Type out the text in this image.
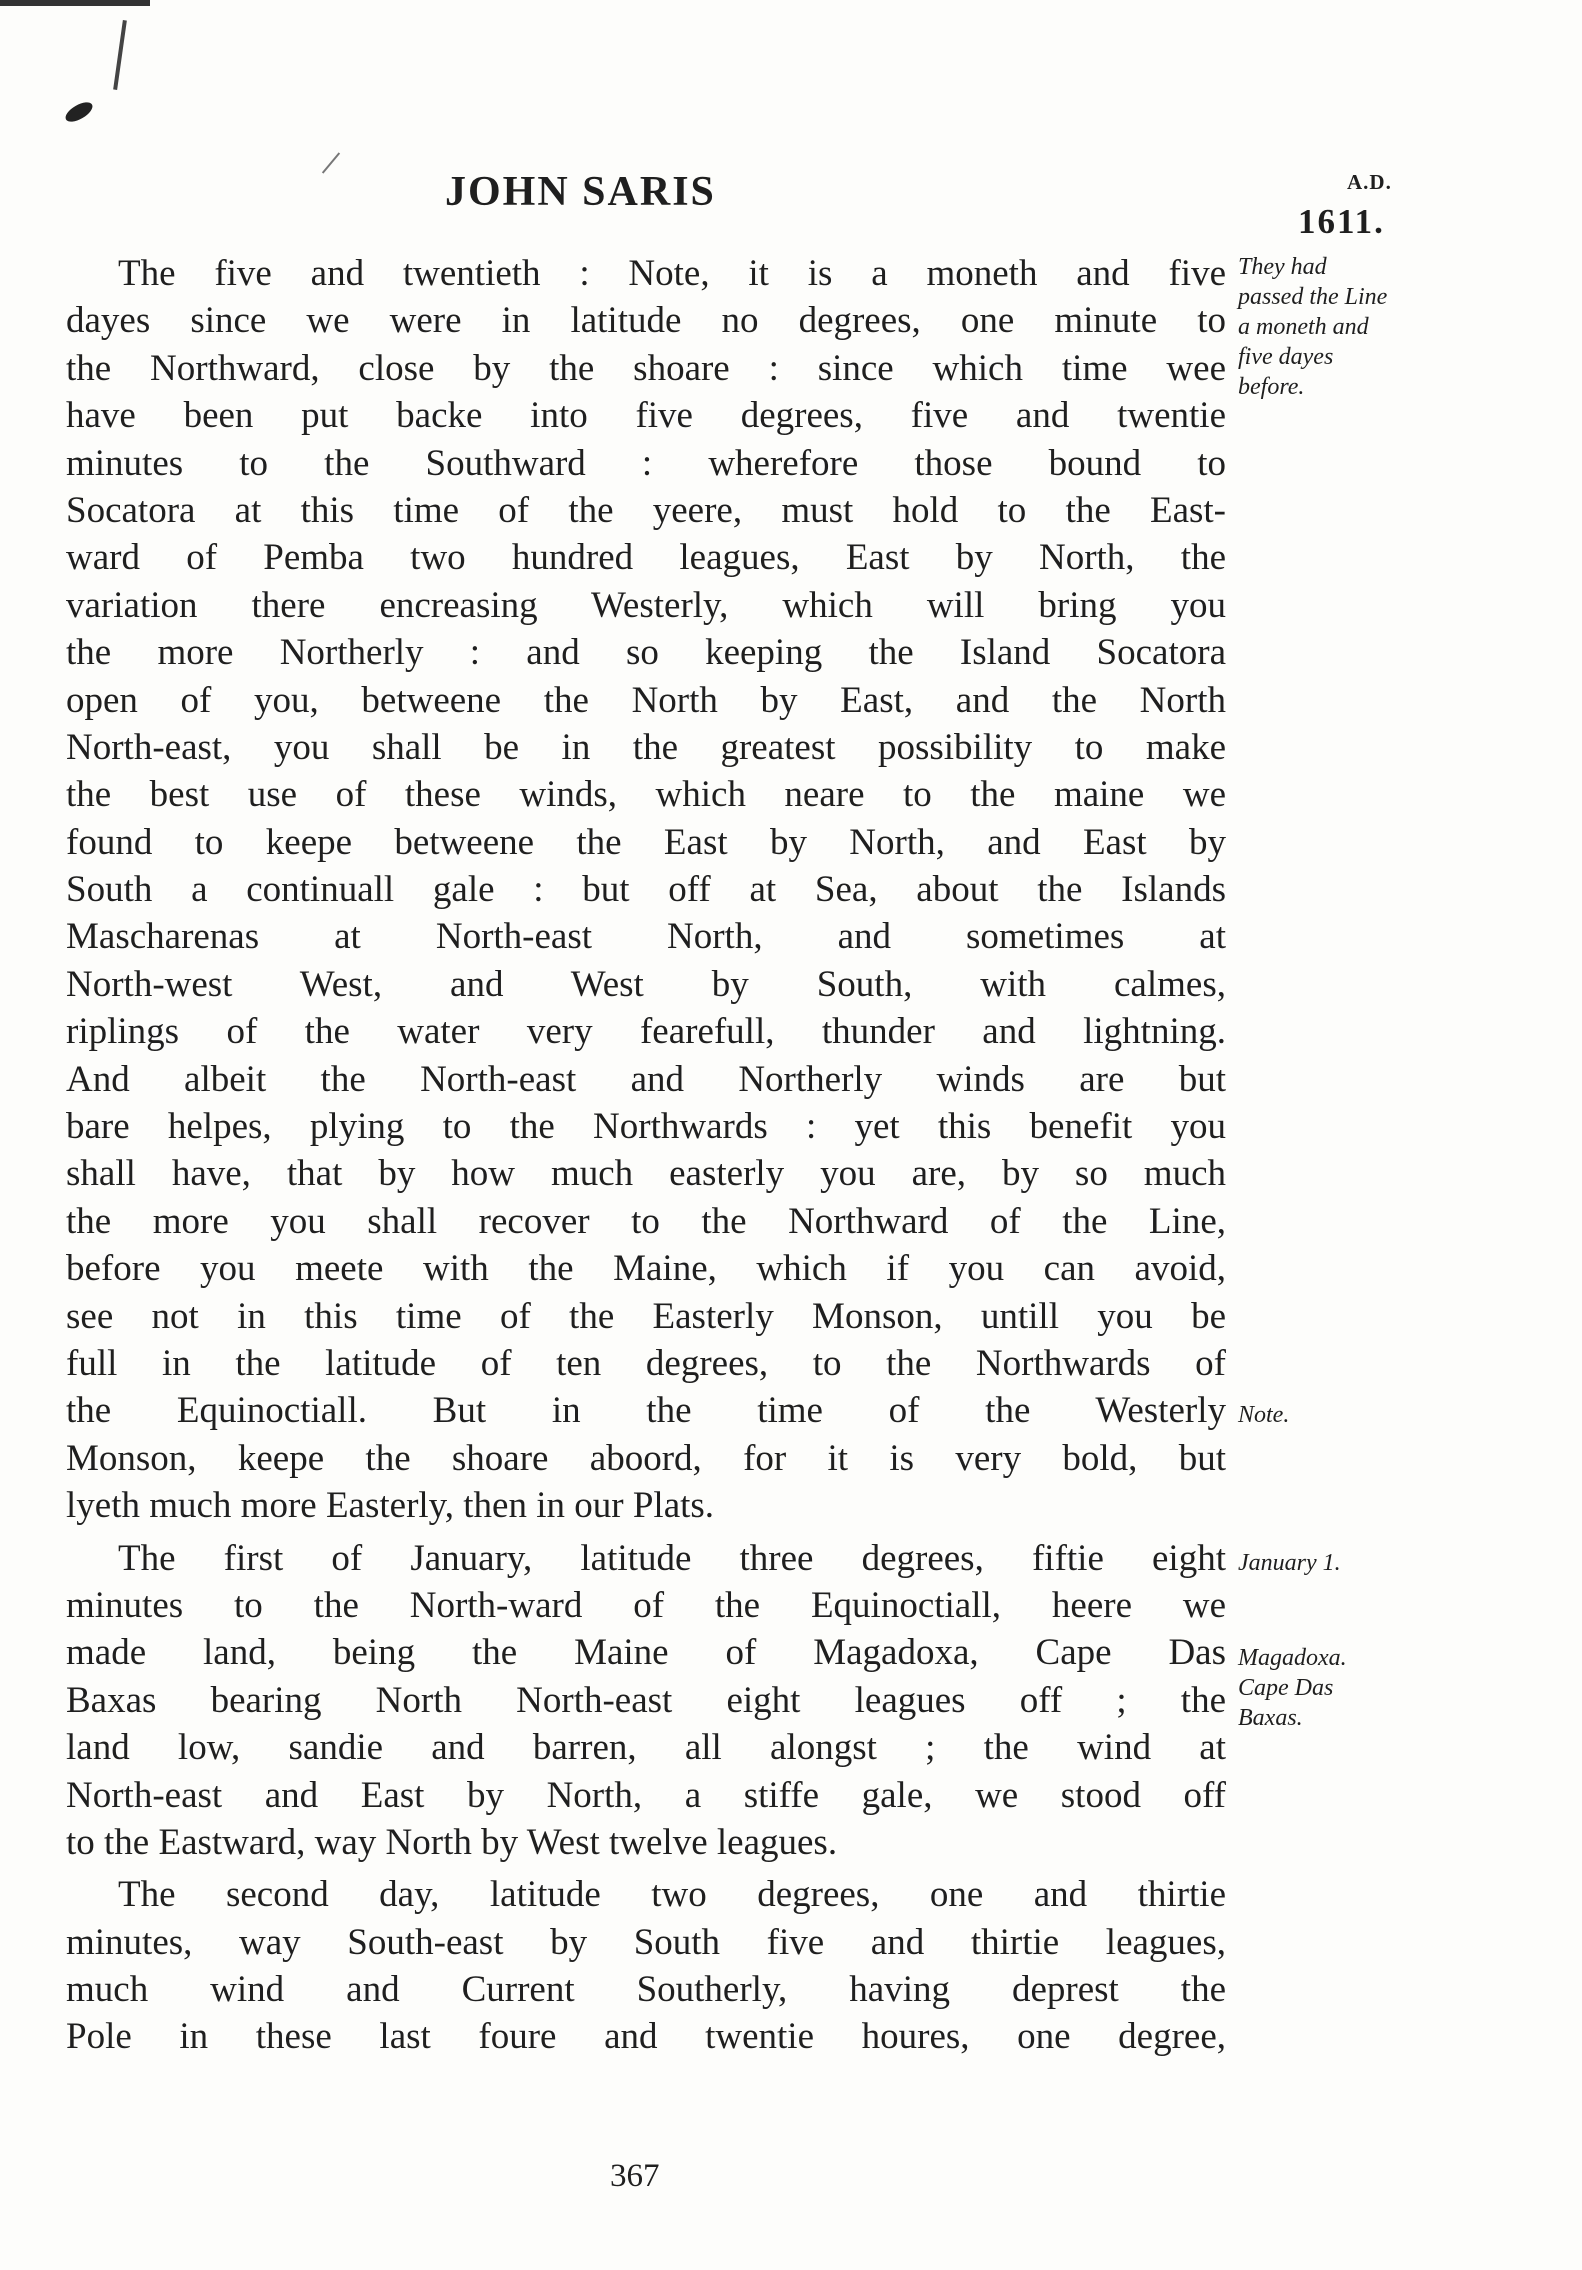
JOHN SARIS	A.D.
1611.
The five and twentieth : Note, it is a moneth and five
dayes since we were in latitude no degrees, one minute to
the Northward, close by the shoare : since which time wee
have been put backe into five degrees, five and twentie
minutes to the Southward : wherefore those bound to
Socatora at this time of the yeere, must hold to the East-
ward of Pemba two hundred leagues, East by North, the
variation there encreasing Westerly, which will bring you
the more Northerly : and so keeping the Island Socatora
open of you, betweene the North by East, and the North
North-east, you shall be in the greatest possibility to make
the best use of these winds, which neare to the maine we
found to keepe betweene the East by North, and East by
South a continuall gale : but off at Sea, about the Islands
Mascharenas at North-east North, and sometimes at
North-west West, and West by South, with calmes,
riplings of the water very fearefull, thunder and lightning.
And albeit the North-east and Northerly winds are but
bare helpes, plying to the Northwards : yet this benefit you
shall have, that by how much easterly you are, by so much
the more you shall recover to the Northward of the Line,
before you meete with the Maine, which if you can avoid,
see not in this time of the Easterly Monson, untill you be
full in the latitude of ten degrees, to the Northwards of
the Equinoctiall. But in the time of the Westerly
Monson, keepe the shoare aboord, for it is very bold, but
lyeth much more Easterly, then in our Plats.
The first of January, latitude three degrees, fiftie eight
minutes to the North-ward of the Equinoctiall, heere we
made land, being the Maine of Magadoxa, Cape Das
Baxas bearing North North-east eight leagues off ; the
land low, sandie and barren, all alongst ; the wind at
North-east and East by North, a stiffe gale, we stood off
to the Eastward, way North by West twelve leagues.
The second day, latitude two degrees, one and thirtie
minutes, way South-east by South five and thirtie leagues,
much wind and Current Southerly, having deprest the
Pole in these last foure and twentie houres, one degree,
They had
passed the Line
a moneth and
five dayes
before.
Note.
January 1.
Magadoxa.
Cape Das
Baxas.
367
